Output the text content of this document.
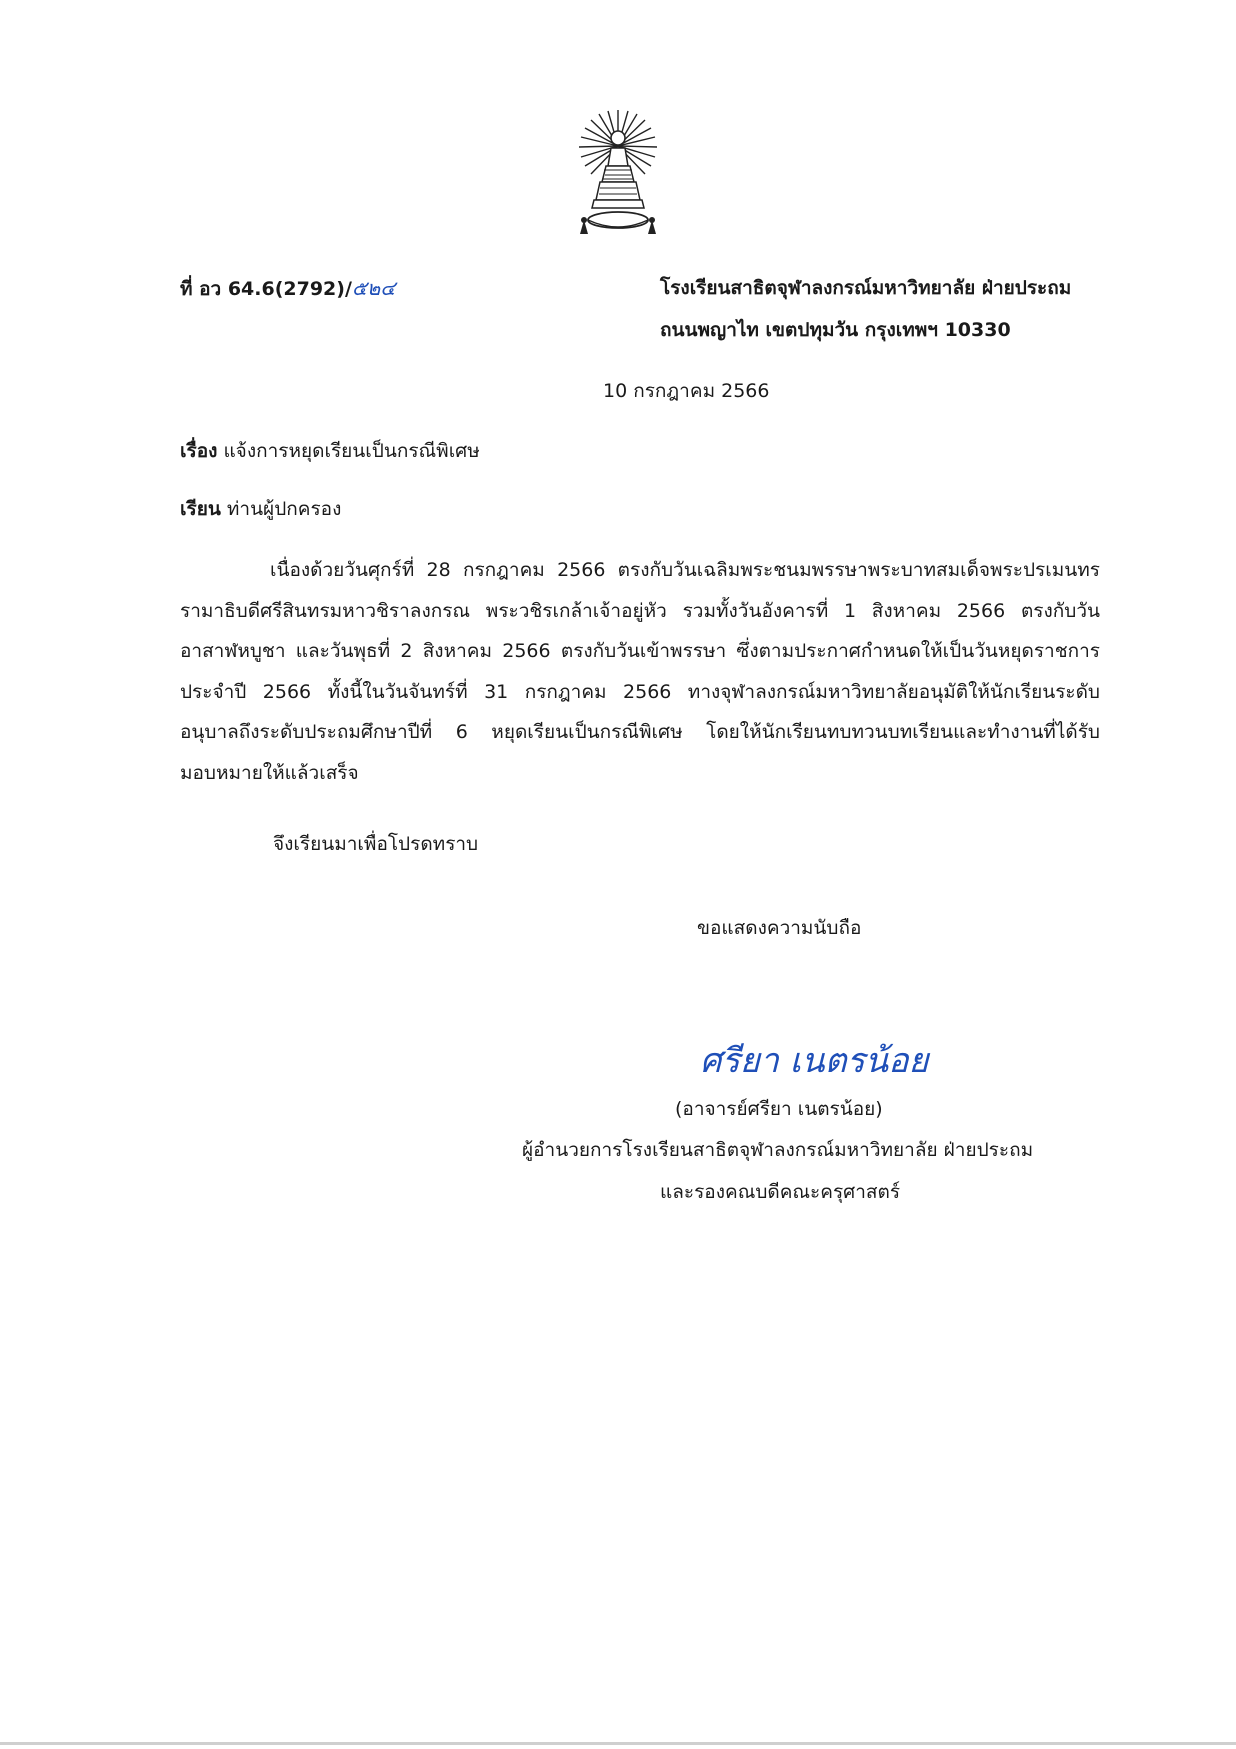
ที่ อว 64.6(2792)/๕๒๔	โรงเรียนสาธิตจุฬาลงกรณ์มหาวิทยาลัย ฝ่ายประถม
ถนนพญาไท เขตปทุมวัน กรุงเทพฯ 10330
10 กรกฎาคม 2566
เรื่อง แจ้งการหยุดเรียนเป็นกรณีพิเศษ
เรียน ท่านผู้ปกครอง
เนื่องด้วยวันศุกร์ที่ 28 กรกฎาคม 2566 ตรงกับวันเฉลิมพระชนมพรรษาพระบาทสมเด็จพระปรเมนทร
รามาธิบดีศรีสินทรมหาวชิราลงกรณ พระวชิรเกล้าเจ้าอยู่หัว รวมทั้งวันอังคารที่ 1 สิงหาคม 2566 ตรงกับวัน
อาสาฬหบูชา และวันพุธที่ 2 สิงหาคม 2566 ตรงกับวันเข้าพรรษา ซึ่งตามประกาศกำหนดให้เป็นวันหยุดราชการ
ประจำปี 2566 ทั้งนี้ในวันจันทร์ที่ 31 กรกฎาคม 2566 ทางจุฬาลงกรณ์มหาวิทยาลัยอนุมัติให้นักเรียนระดับ
อนุบาลถึงระดับประถมศึกษาปีที่ 6 หยุดเรียนเป็นกรณีพิเศษ โดยให้นักเรียนทบทวนบทเรียนและทำงานที่ได้รับ
มอบหมายให้แล้วเสร็จ
จึงเรียนมาเพื่อโปรดทราบ
ขอแสดงความนับถือ
ศรียา เนตรน้อย
(อาจารย์ศรียา เนตรน้อย)
ผู้อำนวยการโรงเรียนสาธิตจุฬาลงกรณ์มหาวิทยาลัย ฝ่ายประถม
และรองคณบดีคณะครุศาสตร์
